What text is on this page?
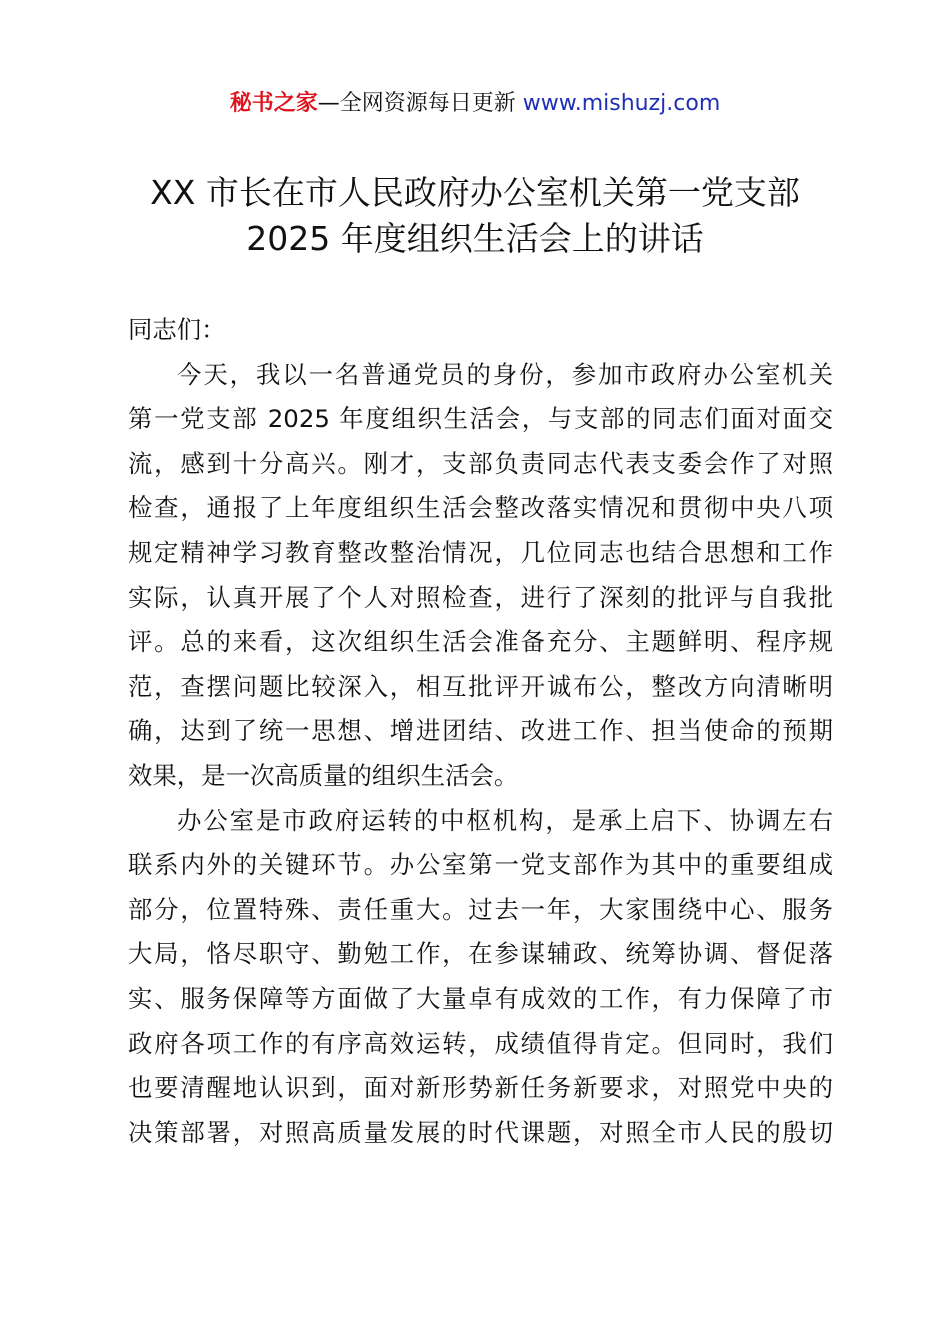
秘书之家—全网资源每日更新 www.mishuzj.com
XX 市长在市人民政府办公室机关第一党支部
2025 年度组织生活会上的讲话
同志们：
今天，我以一名普通党员的身份，参加市政府办公室机关
第一党支部 2025 年度组织生活会，与支部的同志们面对面交
流，感到十分高兴。刚才，支部负责同志代表支委会作了对照
检查，通报了上年度组织生活会整改落实情况和贯彻中央八项
规定精神学习教育整改整治情况，几位同志也结合思想和工作
实际，认真开展了个人对照检查，进行了深刻的批评与自我批
评。总的来看，这次组织生活会准备充分、主题鲜明、程序规
范，查摆问题比较深入，相互批评开诚布公，整改方向清晰明
确，达到了统一思想、增进团结、改进工作、担当使命的预期
效果，是一次高质量的组织生活会。
办公室是市政府运转的中枢机构，是承上启下、协调左右
联系内外的关键环节。办公室第一党支部作为其中的重要组成
部分，位置特殊、责任重大。过去一年，大家围绕中心、服务
大局，恪尽职守、勤勉工作，在参谋辅政、统筹协调、督促落
实、服务保障等方面做了大量卓有成效的工作，有力保障了市
政府各项工作的有序高效运转，成绩值得肯定。但同时，我们
也要清醒地认识到，面对新形势新任务新要求，对照党中央的
决策部署，对照高质量发展的时代课题，对照全市人民的殷切
